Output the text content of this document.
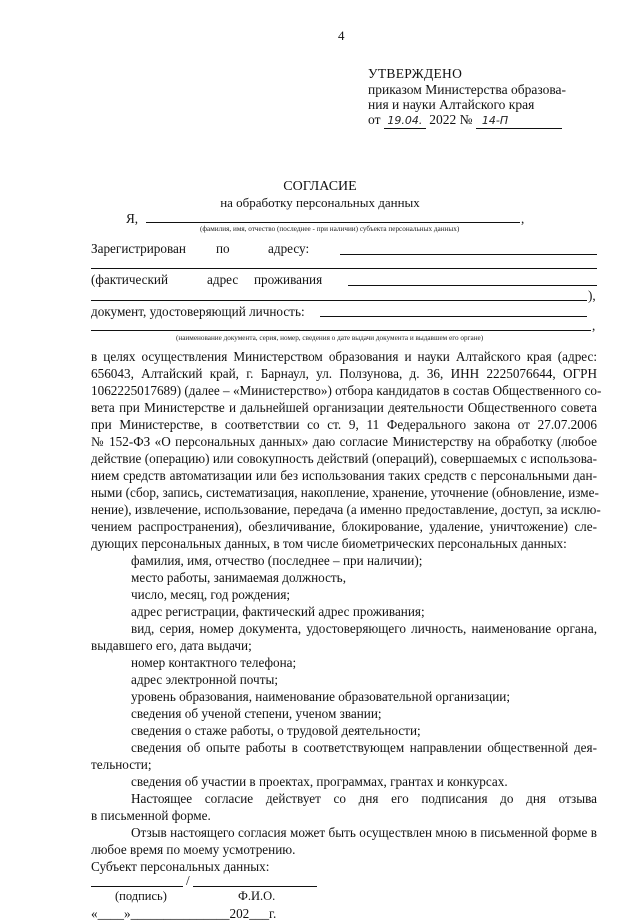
4
УТВЕРЖДЕНО
приказом Министерства образова-
ния и науки Алтайского края
от 19.04. 2022 № 14-П
СОГЛАСИЕ
на обработку персональных данных
Я,	,
(фамилия, имя, отчество (последнее - при наличии) субъекта персональных данных)
Зарегистрирован по	адресу:
(фактический	адрес проживания
),
документ, удостоверяющий личность:
,
(наименование документа, серия, номер, сведения о дате выдачи документа и выдавшем его органе)
в целях осуществления Министерством образования и науки Алтайского края (адрес:
656043, Алтайский край, г. Барнаул, ул. Ползунова, д. 36, ИНН 2225076644, ОГРН
1062225017689) (далее – «Министерство») отбора кандидатов в состав Общественного со-
вета при Министерстве и дальнейшей организации деятельности Общественного совета
при Министерстве, в соответствии со ст. 9, 11 Федерального закона от 27.07.2006
№ 152-ФЗ «О персональных данных» даю согласие Министерству на обработку (любое
действие (операцию) или совокупность действий (операций), совершаемых с использова-
нием средств автоматизации или без использования таких средств с персональными дан-
ными (сбор, запись, систематизация, накопление, хранение, уточнение (обновление, изме-
нение), извлечение, использование, передача (а именно предоставление, доступ, за исклю-
чением распространения), обезличивание, блокирование, удаление, уничтожение) сле-
дующих персональных данных, в том числе биометрических персональных данных:
фамилия, имя, отчество (последнее – при наличии);
место работы, занимаемая должность,
число, месяц, год рождения;
адрес регистрации, фактический адрес проживания;
вид, серия, номер документа, удостоверяющего личность, наименование органа,
выдавшего его, дата выдачи;
номер контактного телефона;
адрес электронной почты;
уровень образования, наименование образовательной организации;
сведения об ученой степени, ученом звании;
сведения о стаже работы, о трудовой деятельности;
сведения об опыте работы в соответствующем направлении общественной дея-
тельности;
сведения об участии в проектах, программах, грантах и конкурсах.
Настоящее согласие действует со дня его подписания до дня отзыва
в письменной форме.
Отзыв настоящего согласия может быть осуществлен мною в письменной форме в
любое время по моему усмотрению.
Субъект персональных данных:
/
(подпись)	Ф.И.О.
«____»_______________202___г.
